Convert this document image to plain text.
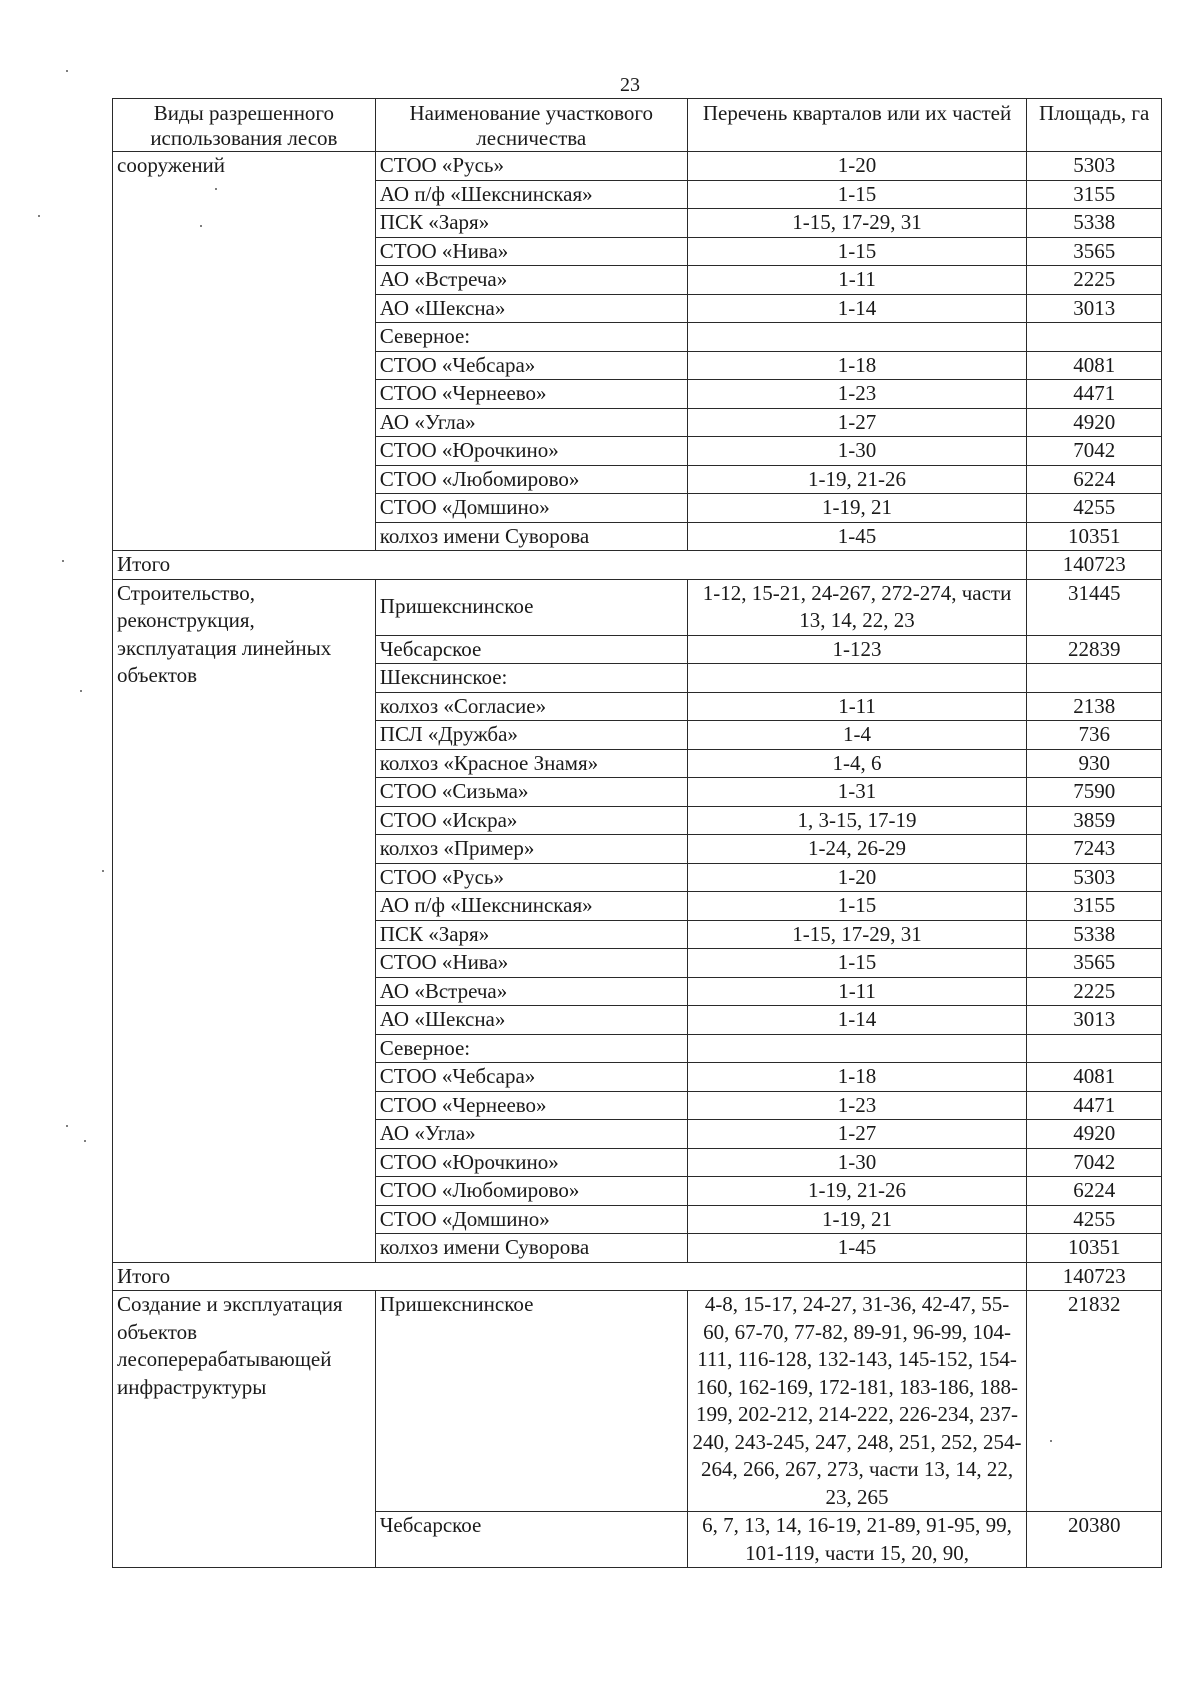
23
Виды разрешенного использования лесов	Наименование участкового лесничества	Перечень кварталов или их частей	Площадь, га
сооружений	СТОО «Русь»	1-20	5303
	АО п/ф «Шекснинская»	1-15	3155
	ПСК «Заря»	1-15, 17-29, 31	5338
	СТОО «Нива»	1-15	3565
	АО «Встреча»	1-11	2225
	АО «Шексна»	1-14	3013
	Северное:		
	СТОО «Чебсара»	1-18	4081
	СТОО «Чернеево»	1-23	4471
	АО «Угла»	1-27	4920
	СТОО «Юрочкино»	1-30	7042
	СТОО «Любомирово»	1-19, 21-26	6224
	СТОО «Домшино»	1-19, 21	4255
	колхоз имени Суворова	1-45	10351
Итого			140723
Строительство, реконструкция, эксплуатация линейных объектов	Пришекснинское	1-12, 15-21, 24-267, 272-274, части 13, 14, 22, 23	31445
	Чебсарское	1-123	22839
	Шекснинское:		
	колхоз «Согласие»	1-11	2138
	ПСЛ «Дружба»	1-4	736
	колхоз «Красное Знамя»	1-4, 6	930
	СТОО «Сизьма»	1-31	7590
	СТОО «Искра»	1, 3-15, 17-19	3859
	колхоз «Пример»	1-24, 26-29	7243
	СТОО «Русь»	1-20	5303
	АО п/ф «Шекснинская»	1-15	3155
	ПСК «Заря»	1-15, 17-29, 31	5338
	СТОО «Нива»	1-15	3565
	АО «Встреча»	1-11	2225
	АО «Шексна»	1-14	3013
	Северное:		
	СТОО «Чебсара»	1-18	4081
	СТОО «Чернеево»	1-23	4471
	АО «Угла»	1-27	4920
	СТОО «Юрочкино»	1-30	7042
	СТОО «Любомирово»	1-19, 21-26	6224
	СТОО «Домшино»	1-19, 21	4255
	колхоз имени Суворова	1-45	10351
Итого			140723
Создание и эксплуатация объектов лесоперерабатывающей инфраструктуры	Пришекснинское	4-8, 15-17, 24-27, 31-36, 42-47, 55-60, 67-70, 77-82, 89-91, 96-99, 104-111, 116-128, 132-143, 145-152, 154-160, 162-169, 172-181, 183-186, 188-199, 202-212, 214-222, 226-234, 237-240, 243-245, 247, 248, 251, 252, 254-264, 266, 267, 273, части 13, 14, 22, 23, 265	21832
	Чебсарское	6, 7, 13, 14, 16-19, 21-89, 91-95, 99, 101-119, части 15, 20, 90,	20380
